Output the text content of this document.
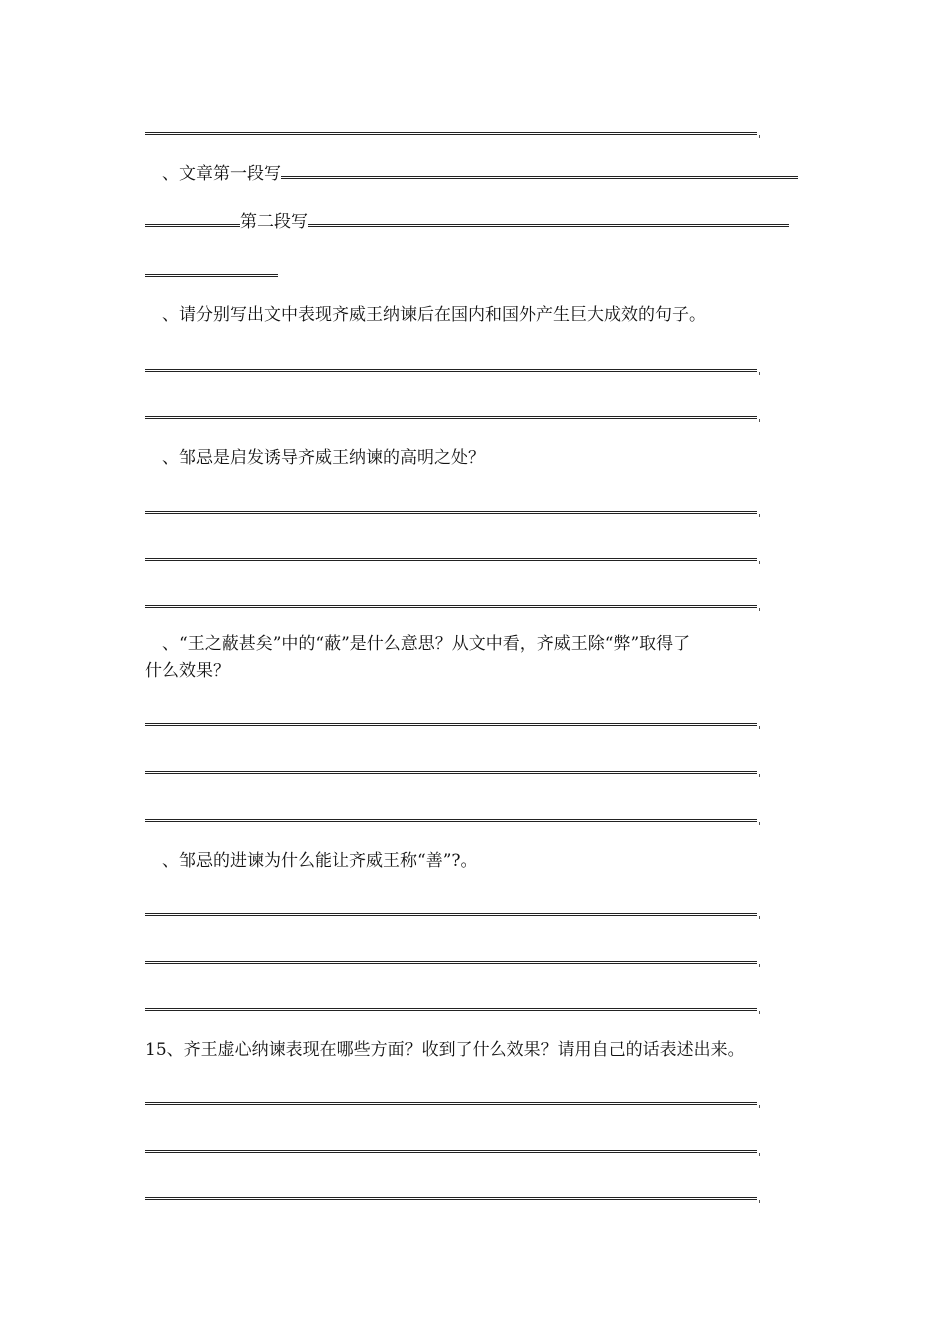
、文章第一段写
第二段写
、请分别写出文中表现齐威王纳谏后在国内和国外产生巨大成效的句子。
、邹忌是启发诱导齐威王纳谏的高明之处？
、“王之蔽甚矣”中的“蔽”是什么意思？从文中看，齐威王除“弊”取得了
什么效果？
、邹忌的进谏为什么能让齐威王称“善”?。
15、齐王虚心纳谏表现在哪些方面？收到了什么效果？请用自己的话表述出来。
